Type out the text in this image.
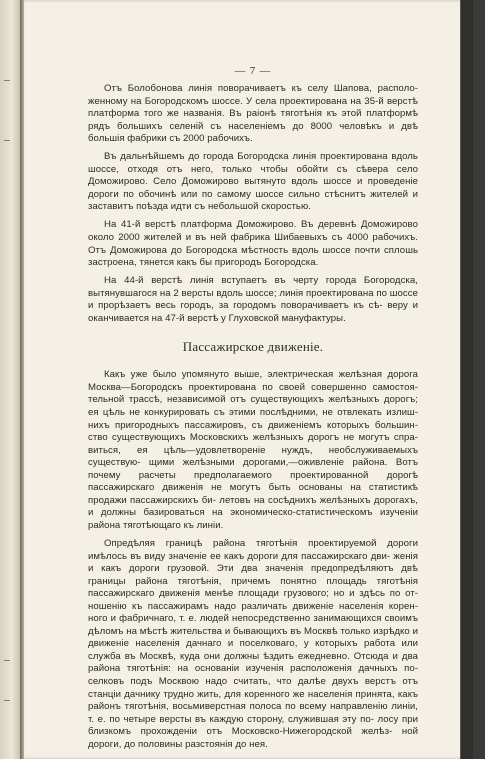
— 7 —

Отъ Болобонова линія поворачиваетъ къ селу Шапова, располо- женному на Богородскомъ шоссе. У села проектирована на 35-й верстѣ платформа того же названія. Въ раіонѣ тяготѣнія къ этой платформѣ рядъ большихъ селеній съ населеніемъ до 8000 человѣкъ и двѣ большія фабрики съ 2000 рабочихъ.

Въ дальнѣйшемъ до города Богородска линія проектирована вдоль шоссе, отходя отъ него, только чтобы обойти съ сѣвера село Доможирово. Село Доможирово вытянуто вдоль шоссе и проведеніе дороги по обочинѣ или по самому шоссе сильно стѣснитъ жителей и заставитъ поѣзда идти съ небольшой скоростью.

На 41-й верстѣ платформа Доможирово. Въ деревнѣ Доможирово около 2000 жителей и въ ней фабрика Шибаевыхъ съ 4000 рабочихъ. Отъ Доможирова до Богородска мѣстность вдоль шоссе почти сплошь застроена, тянется какъ бы пригородъ Богородска.

На 44-й верстѣ линія вступаетъ въ черту города Богородска, вытянувшагося на 2 версты вдоль шоссе; линія проектирована по шоссе и прорѣзаетъ весь городъ, за городомъ поворачиваетъ къ сѣ- веру и оканчивается на 47-й верстѣ у Глуховской мануфактуры.

Пассажирское движеніе.

Какъ уже было упомянуто выше, электрическая желѣзная дорога Москва—Богородскъ проектирована по своей совершенно самостоя- тельной трассѣ, независимой отъ существующихъ желѣзныхъ дорогъ; ея цѣль не конкурировать съ этими послѣдними, не отвлекать излиш- нихъ пригородныхъ пассажировъ, съ движеніемъ которыхъ большин- ство существующихъ Московскихъ желѣзныхъ дорогъ не могутъ спра- виться, ея цѣль—удовлетвореніе нуждъ, необслуживаемыхъ существую- щими желѣзными дорогами,—оживленіе района. Вотъ почему расчеты предполагаемого проектированной дорогѣ пассажирскаго движенія не могутъ быть основаны на статистикѣ продажи пассажирскихъ би- летовъ на сосѣднихъ желѣзныхъ дорогахъ, и должны базироваться на экономическо-статистическомъ изученіи района тяготѣющаго къ линіи.

Опредѣляя границѣ района тяготѣнія проектируемой дороги имѣлось въ виду значеніе ее какъ дороги для пассажирскаго дви- женія и какъ дороги грузовой. Эти два значенія предопредѣляютъ двѣ границы района тяготѣнія, причемъ понятно площадь тяготѣнія пассажирскаго движенія менѣе площади грузового; но и здѣсь по от- ношенію къ пассажирамъ надо различать движеніе населенія корен- ного и фабричнаго, т. е. людей непосредственно занимающихся своимъ дѣломъ на мѣстѣ жительства и бывающихъ въ Москвѣ только изрѣдко и движеніе населенія дачнаго и поселковаго, у которыхъ работа или служба въ Москвѣ, куда они должны ѣздить ежедневно. Отсюда и два района тяготѣнія: на основаніи изученія расположенія дачныхъ по- селковъ подъ Москвою надо считать, что далѣе двухъ верстъ отъ станціи дачнику трудно жить, для коренного же населенія принята, какъ районъ тяготѣнія, восьмиверстная полоса по всему направленію линіи, т. е. по четыре версты въ каждую сторону, служившая эту по- лосу при близкомъ прохожденіи отъ Московско-Нижегородской желѣз- ной дороги, до половины разстоянія до нея.
